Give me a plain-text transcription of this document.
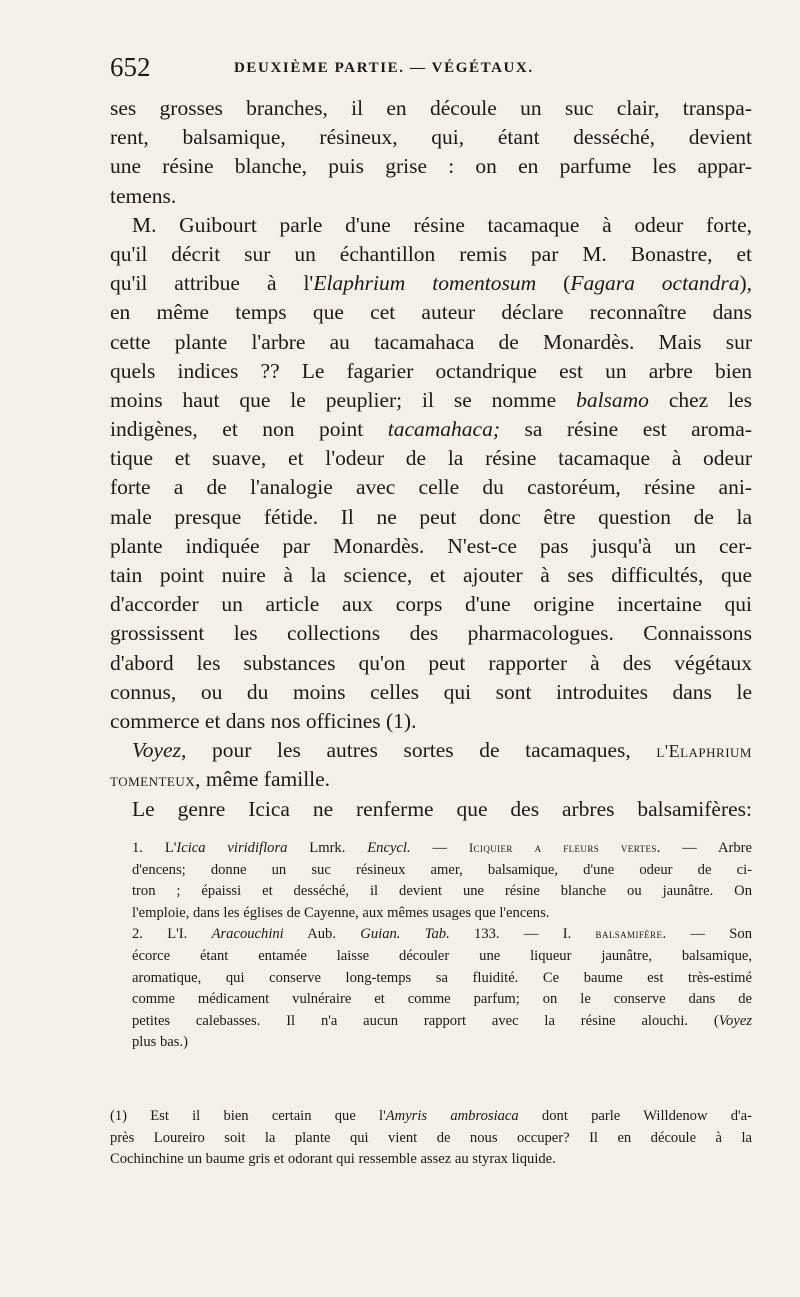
652	DEUXIÈME PARTIE. — VÉGÉTAUX.
ses grosses branches, il en découle un suc clair, transpa-
rent, balsamique, résineux, qui, étant desséché, devient
une résine blanche, puis grise : on en parfume les appar-
temens.
M. Guibourt parle d'une résine tacamaque à odeur forte,
qu'il décrit sur un échantillon remis par M. Bonastre, et
qu'il attribue à l'Elaphrium tomentosum (Fagara octandra),
en même temps que cet auteur déclare reconnaître dans
cette plante l'arbre au tacamahaca de Monardès. Mais sur
quels indices ?? Le fagarier octandrique est un arbre bien
moins haut que le peuplier; il se nomme balsamo chez les
indigènes, et non point tacamahaca; sa résine est aroma-
tique et suave, et l'odeur de la résine tacamaque à odeur
forte a de l'analogie avec celle du castoréum, résine ani-
male presque fétide. Il ne peut donc être question de la
plante indiquée par Monardès. N'est-ce pas jusqu'à un cer-
tain point nuire à la science, et ajouter à ses difficultés, que
d'accorder un article aux corps d'une origine incertaine qui
grossissent les collections des pharmacologues. Connaissons
d'abord les substances qu'on peut rapporter à des végétaux
connus, ou du moins celles qui sont introduites dans le
commerce et dans nos officines (1).
Voyez, pour les autres sortes de tacamaques, l'Elaphrium
tomenteux, même famille.
Le genre Icica ne renferme que des arbres balsamifères:
1. L'Icica viridiflora Lmrk. Encycl. — Iciquier a fleurs vertes. — Arbre
d'encens; donne un suc résineux amer, balsamique, d'une odeur de ci-
tron ; épaissi et desséché, il devient une résine blanche ou jaunâtre. On
l'emploie, dans les églises de Cayenne, aux mêmes usages que l'encens.
2. L'I. Aracouchini Aub. Guian. Tab. 133. — I. balsamifère. — Son
écorce étant entamée laisse découler une liqueur jaunâtre, balsamique,
aromatique, qui conserve long-temps sa fluidité. Ce baume est très-estimé
comme médicament vulnéraire et comme parfum; on le conserve dans de
petites calebasses. Il n'a aucun rapport avec la résine alouchi. (Voyez
plus bas.)
(1) Est il bien certain que l'Amyris ambrosiaca dont parle Willdenow d'a-
près Loureiro soit la plante qui vient de nous occuper? Il en découle à la
Cochinchine un baume gris et odorant qui ressemble assez au styrax liquide.
